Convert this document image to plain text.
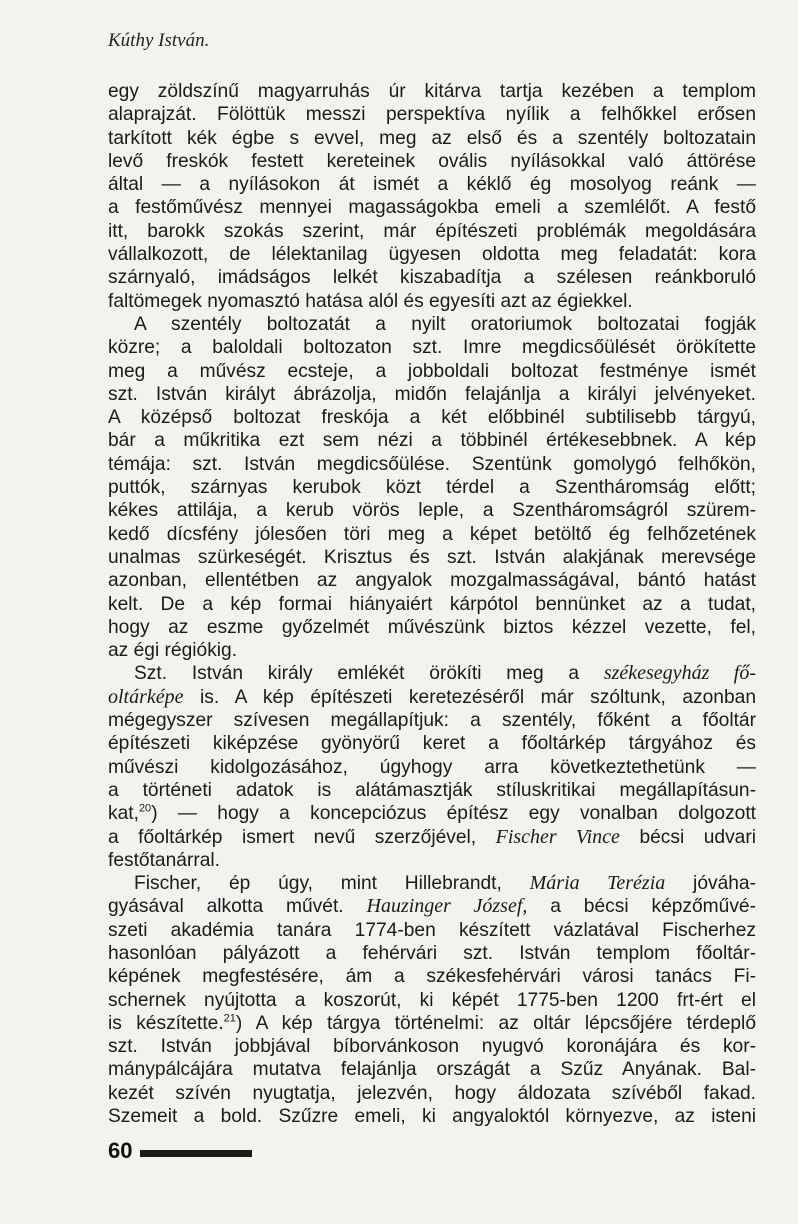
Kúthy István.
egy zöldszínű magyarruhás úr kitárva tartja kezében a templom
alaprajzát. Fölöttük messzi perspektíva nyílik a felhőkkel erősen
tarkított kék égbe s evvel, meg az első és a szentély boltozatain
levő freskók festett kereteinek ovális nyílásokkal való áttörése
által — a nyílásokon át ismét a kéklő ég mosolyog reánk —
a festőművész mennyei magasságokba emeli a szemlélőt. A festő
itt, barokk szokás szerint, már építészeti problémák megoldására
vállalkozott, de lélektanilag ügyesen oldotta meg feladatát: kora
szárnyaló, imádságos lelkét kiszabadítja a szélesen reánkboruló
faltömegek nyomasztó hatása alól és egyesíti azt az égiekkel.
A szentély boltozatát a nyilt oratoriumok boltozatai fogják
közre; a baloldali boltozaton szt. Imre megdicsőülését örökítette
meg a művész ecsteje, a jobboldali boltozat festménye ismét
szt. István királyt ábrázolja, midőn felajánlja a királyi jelvényeket.
A középső boltozat freskója a két előbbinél subtilisebb tárgyú,
bár a műkritika ezt sem nézi a többinél értékesebbnek. A kép
témája: szt. István megdicsőülése. Szentünk gomolygó felhőkön,
puttók, szárnyas kerubok közt térdel a Szentháromság előtt;
kékes attilája, a kerub vörös leple, a Szentháromságról szürem-
kedő dícsfény jólesően töri meg a képet betöltő ég felhőzetének
unalmas szürkeségét. Krisztus és szt. István alakjának merevsége
azonban, ellentétben az angyalok mozgalmasságával, bántó hatást
kelt. De a kép formai hiányaiért kárpótol bennünket az a tudat,
hogy az eszme győzelmét művészünk biztos kézzel vezette, fel,
az égi régiókig.
Szt. István király emlékét örökíti meg a székesegyház fő-
oltárképe is. A kép építészeti keretezéséről már szóltunk, azonban
mégegyszer szívesen megállapítjuk: a szentély, főként a főoltár
építészeti kiképzése gyönyörű keret a főoltárkép tárgyához és
művészi kidolgozásához, úgyhogy arra következtethetünk —
a történeti adatok is alátámasztják stíluskritikai megállapításun-
kat,$^{20}$) — hogy a koncepciózus építész egy vonalban dolgozott
a főoltárkép ismert nevű szerzőjével, Fischer Vince bécsi udvari
festőtanárral.
Fischer, ép úgy, mint Hillebrandt, Mária Terézia jóváha-
gyásával alkotta művét. Hauzinger József, a bécsi képzőművé-
szeti akadémia tanára 1774-ben készített vázlatával Fischerhez
hasonlóan pályázott a fehérvári szt. István templom főoltár-
képének megfestésére, ám a székesfehérvári városi tanács Fi-
schernek nyújtotta a koszorút, ki képét 1775-ben 1200 frt-ért el
is készítette.$^{21}$) A kép tárgya történelmi: az oltár lépcsőjére térdeplő
szt. István jobbjával bíborvánkoson nyugvó koronájára és kor-
mánypálcájára mutatva felajánlja országát a Szűz Anyának. Bal-
kezét szívén nyugtatja, jelezvén, hogy áldozata szívéből fakad.
Szemeit a bold. Szűzre emeli, ki angyaloktól környezve, az isteni
60
